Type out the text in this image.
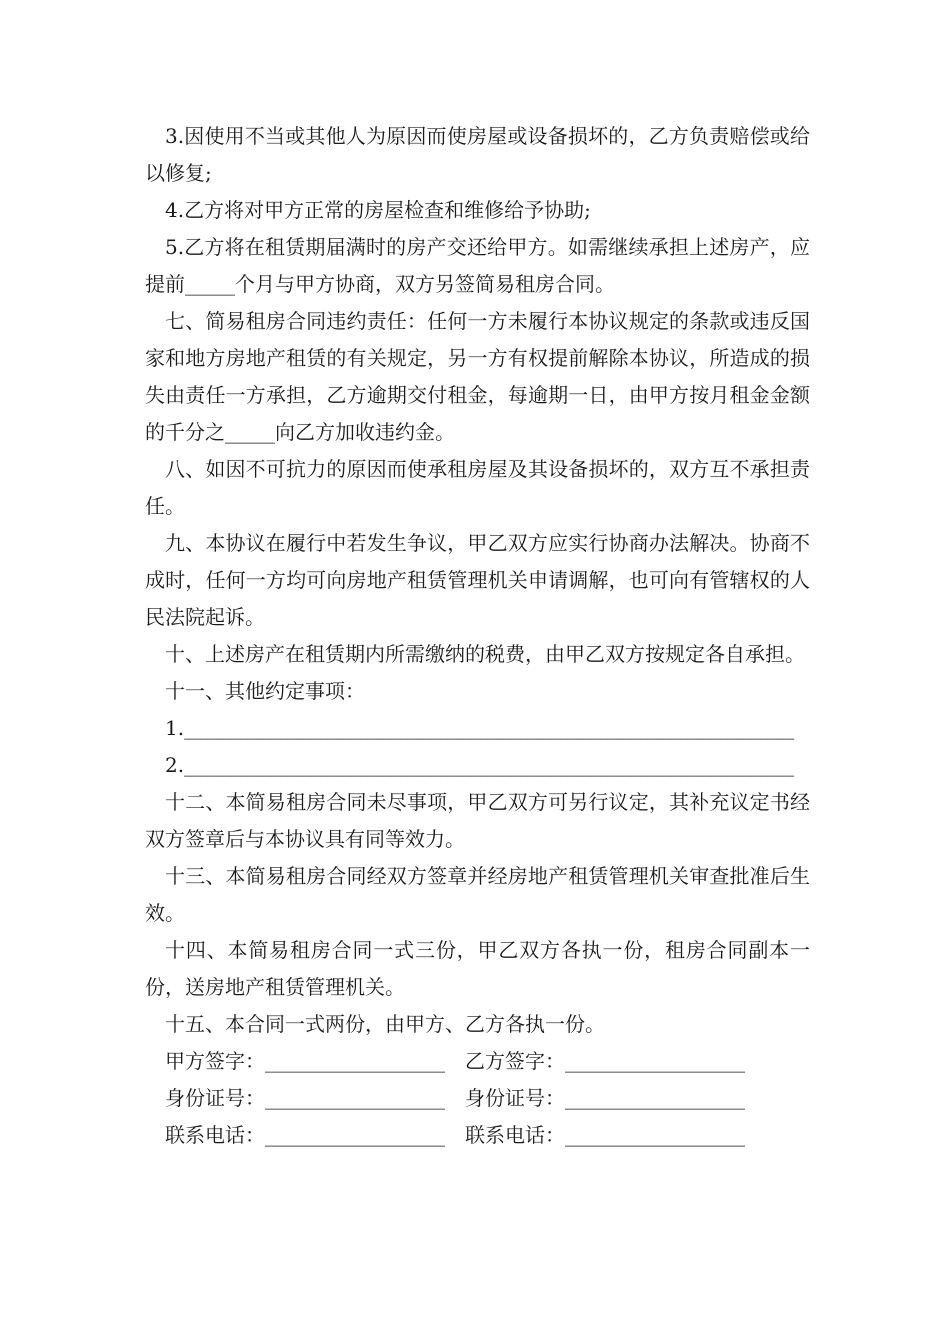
3.因使用不当或其他人为原因而使房屋或设备损坏的，乙方负责赔偿或给以修复;

4.乙方将对甲方正常的房屋检查和维修给予协助;

5.乙方将在租赁期届满时的房产交还给甲方。如需继续承担上述房产，应提前_____个月与甲方协商，双方另签简易租房合同。

七、简易租房合同违约责任：任何一方未履行本协议规定的条款或违反国家和地方房地产租赁的有关规定，另一方有权提前解除本协议，所造成的损失由责任一方承担，乙方逾期交付租金，每逾期一日，由甲方按月租金金额的千分之_____向乙方加收违约金。

八、如因不可抗力的原因而使承租房屋及其设备损坏的，双方互不承担责任。

九、本协议在履行中若发生争议，甲乙双方应实行协商办法解决。协商不成时，任何一方均可向房地产租赁管理机关申请调解，也可向有管辖权的人民法院起诉。

十、上述房产在租赁期内所需缴纳的税费，由甲乙双方按规定各自承担。

十一、其他约定事项：

1._____________________________________________________________

2._____________________________________________________________

十二、本简易租房合同未尽事项，甲乙双方可另行议定，其补充议定书经双方签章后与本协议具有同等效力。

十三、本简易租房合同经双方签章并经房地产租赁管理机关审查批准后生效。

十四、本简易租房合同一式三份，甲乙双方各执一份，租房合同副本一份，送房地产租赁管理机关。

十五、本合同一式两份，由甲方、乙方各执一份。

甲方签字：__________________ 乙方签字：__________________

身份证号：__________________ 身份证号：__________________

联系电话：__________________ 联系电话：__________________
